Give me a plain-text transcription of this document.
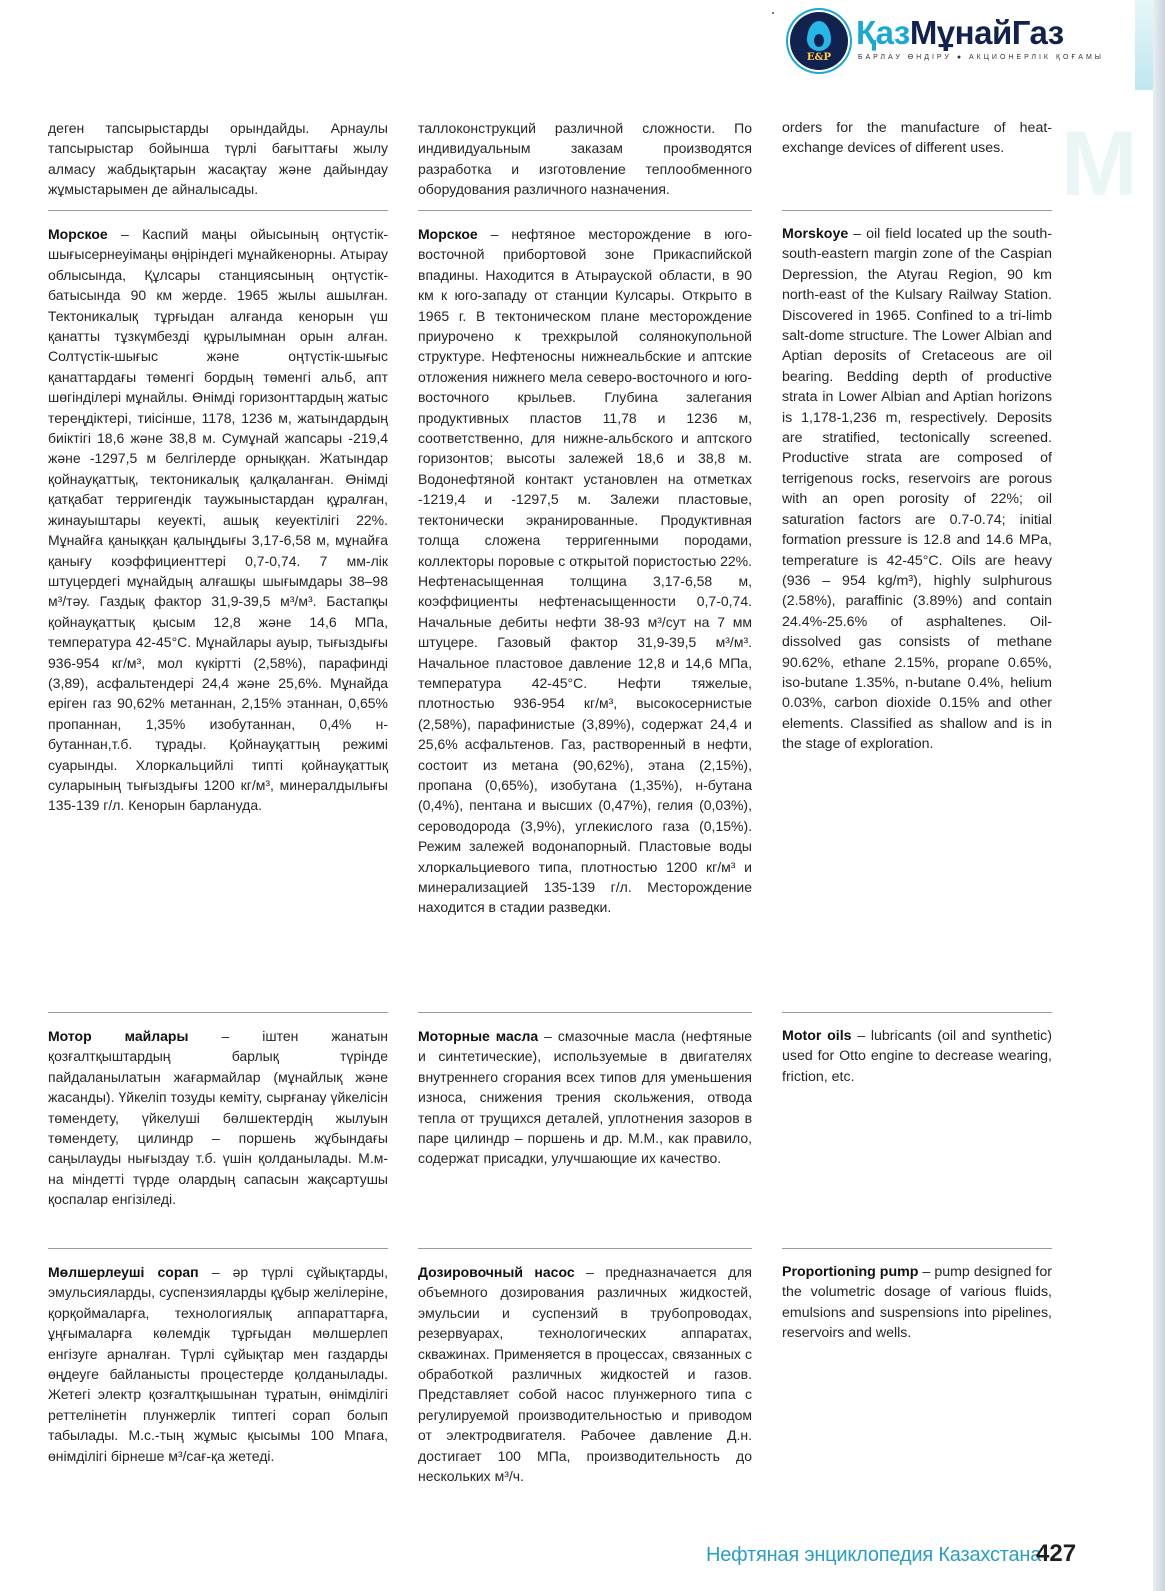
E&P
ҚазМұнайГаз
БАРЛАУ ӨНДІРУ ● АКЦИОНЕРЛІК ҚОҒАМЫ
M
деген тапсырыстарды орындайды. Арнаулы тапсырыстар бойынша түрлі бағыттағы жылу алмасу жабдықтарын жасақтау және дайындау жұмыстарымен де айналысады.
таллоконструкций различной сложности. По индивидуальным заказам производятся разработка и изготовление теплообменного оборудования различного назначения.
orders for the manufacture of heat-exchange devices of different uses.
Морское – Каспий маңы ойысының оңтүстік-шығысернеуімаңы өңіріндегі мұнайкенорны. Атырау облысында, Құлсары станциясының оңтүстік-батысында 90 км жерде. 1965 жылы ашылған. Тектоникалық тұрғыдан алғанда кенорын үш қанатты тұзкүмбезді құрылымнан орын алған. Солтүстік-шығыс және оңтүстік-шығыс қанаттардағы төменгі бордың төменгі альб, апт шөгінділері мұнайлы. Өнімді горизонттардың жатыс тереңдіктері, тиісінше, 1178, 1236 м, жатындардың биіктігі 18,6 және 38,8 м. Сумұнай жапсары -219,4 және -1297,5 м белгілерде орныққан. Жатындар қойнауқаттық, тектоникалық қалқаланған. Өнімді қатқабат терригендік таужыныстардан құралған, жинауыштары кеуекті, ашық кеуектілігі 22%. Мұнайға қаныққан қалыңдығы 3,17-6,58 м, мұнайға қанығу коэффициенттері 0,7-0,74. 7 мм-лік штуцердегі мұнайдың алғашқы шығымдары 38–98 м³/тәу. Газдық фактор 31,9-39,5 м³/м³. Бастапқы қойнауқаттық қысым 12,8 және 14,6 МПа, температура 42-45°С. Мұнайлары ауыр, тығыздығы 936-954 кг/м³, мол күкіртті (2,58%), парафинді (3,89), асфальтендері 24,4 және 25,6%. Мұнайда еріген газ 90,62% метаннан, 2,15% этаннан, 0,65% пропаннан, 1,35% изобутаннан, 0,4% н-бутаннан,т.б. тұрады. Қойнауқаттың режимі суарынды. Хлоркальцийлі типті қойнауқаттық суларының тығыздығы 1200 кг/м³, минералдылығы 135-139 г/л. Кенорын барлануда.
Морское – нефтяное месторождение в юго-восточной прибортовой зоне Прикаспийской впадины. Находится в Атырауской области, в 90 км к юго-западу от станции Кулсары. Открыто в 1965 г. В тектоническом плане месторождение приурочено к трехкрылой солянокупольной структуре. Нефтеносны нижнеальбские и аптские отложения нижнего мела северо-восточного и юго-восточного крыльев. Глубина залегания продуктивных пластов 11,78 и 1236 м, соответственно, для нижне-альбского и аптского горизонтов; высоты залежей 18,6 и 38,8 м. Водонефтяной контакт установлен на отметках -1219,4 и -1297,5 м. Залежи пластовые, тектонически экранированные. Продуктивная толща сложена терригенными породами, коллекторы поровые с открытой пористостью 22%. Нефтенасыщенная толщина 3,17-6,58 м, коэффициенты нефтенасыщенности 0,7-0,74. Начальные дебиты нефти 38-93 м³/сут на 7 мм штуцере. Газовый фактор 31,9-39,5 м³/м³. Начальное пластовое давление 12,8 и 14,6 МПа, температура 42-45°С. Нефти тяжелые, плотностью 936-954 кг/м³, высокосернистые (2,58%), парафинистые (3,89%), содержат 24,4 и 25,6% асфальтенов. Газ, растворенный в нефти, состоит из метана (90,62%), этана (2,15%), пропана (0,65%), изобутана (1,35%), н-бутана (0,4%), пентана и высших (0,47%), гелия (0,03%), сероводорода (3,9%), углекислого газа (0,15%). Режим залежей водонапорный. Пластовые воды хлоркальциевого типа, плотностью 1200 кг/м³ и минерализацией 135-139 г/л. Месторождение находится в стадии разведки.
Morskoye – oil field located up the south-south-eastern margin zone of the Caspian Depression, the Atyrau Region, 90 km north-east of the Kulsary Railway Station. Discovered in 1965. Confined to a tri-limb salt-dome structure. The Lower Albian and Aptian deposits of Cretaceous are oil bearing. Bedding depth of productive strata in Lower Albian and Aptian horizons is 1,178-1,236 m, respectively. Deposits are stratified, tectonically screened. Productive strata are composed of terrigenous rocks, reservoirs are porous with an open porosity of 22%; oil saturation factors are 0.7-0.74; initial formation pressure is 12.8 and 14.6 MPa, temperature is 42-45°C. Oils are heavy (936 – 954 kg/m³), highly sulphurous (2.58%), paraffinic (3.89%) and contain 24.4%-25.6% of asphaltenes. Oil-dissolved gas consists of methane 90.62%, ethane 2.15%, propane 0.65%, iso-butane 1.35%, n-butane 0.4%, helium 0.03%, carbon dioxide 0.15% and other elements. Classified as shallow and is in the stage of exploration.
Мотор майлары – іштен жанатын қозғалтқыштардың барлық түрінде пайдаланылатын жағармайлар (мұнайлық және жасанды). Үйкеліп тозуды кеміту, сырғанау үйкелісін төмендету, үйкелуші бөлшектердің жылуын төмендету, цилиндр – поршень жұбындағы саңылауды нығыздау т.б. үшін қолданылады. М.м-на міндетті түрде олардың сапасын жақсартушы қоспалар енгізіледі.
Моторные масла – смазочные масла (нефтяные и синтетические), используемые в двигателях внутреннего сгорания всех типов для уменьшения износа, снижения трения скольжения, отвода тепла от трущихся деталей, уплотнения зазоров в паре цилиндр – поршень и др. М.М., как правило, содержат присадки, улучшающие их качество.
Motor oils – lubricants (oil and synthetic) used for Otto engine to decrease wearing, friction, etc.
Мөлшерлеуші сорап – әр түрлі сұйықтарды, эмульсияларды, суспензияларды құбыр желілеріне, қорқоймаларға, технологиялық аппараттарға, ұңғымаларға көлемдік тұрғыдан мөлшерлеп енгізуге арналған. Түрлі сұйықтар мен газдарды өңдеуге байланысты процестерде қолданылады. Жетегі электр қозғалтқышынан тұратын, өнімділігі реттелінетін плунжерлік типтегі сорап болып табылады. М.с.-тың жұмыс қысымы 100 Мпаға, өнімділігі бірнеше м³/сағ-қа жетеді.
Дозировочный насос – предназначается для объемного дозирования различных жидкостей, эмульсии и суспензий в трубопроводах, резервуарах, технологических аппаратах, скважинах. Применяется в процессах, связанных с обработкой различных жидкостей и газов. Представляет собой насос плунжерного типа с регулируемой производительностью и приводом от электродвигателя. Рабочее давление Д.н. достигает 100 МПа, производительность до нескольких м³/ч.
Proportioning pump – pump designed for the volumetric dosage of various fluids, emulsions and suspensions into pipelines, reservoirs and wells.
Нефтяная энциклопедия Казахстана
427
